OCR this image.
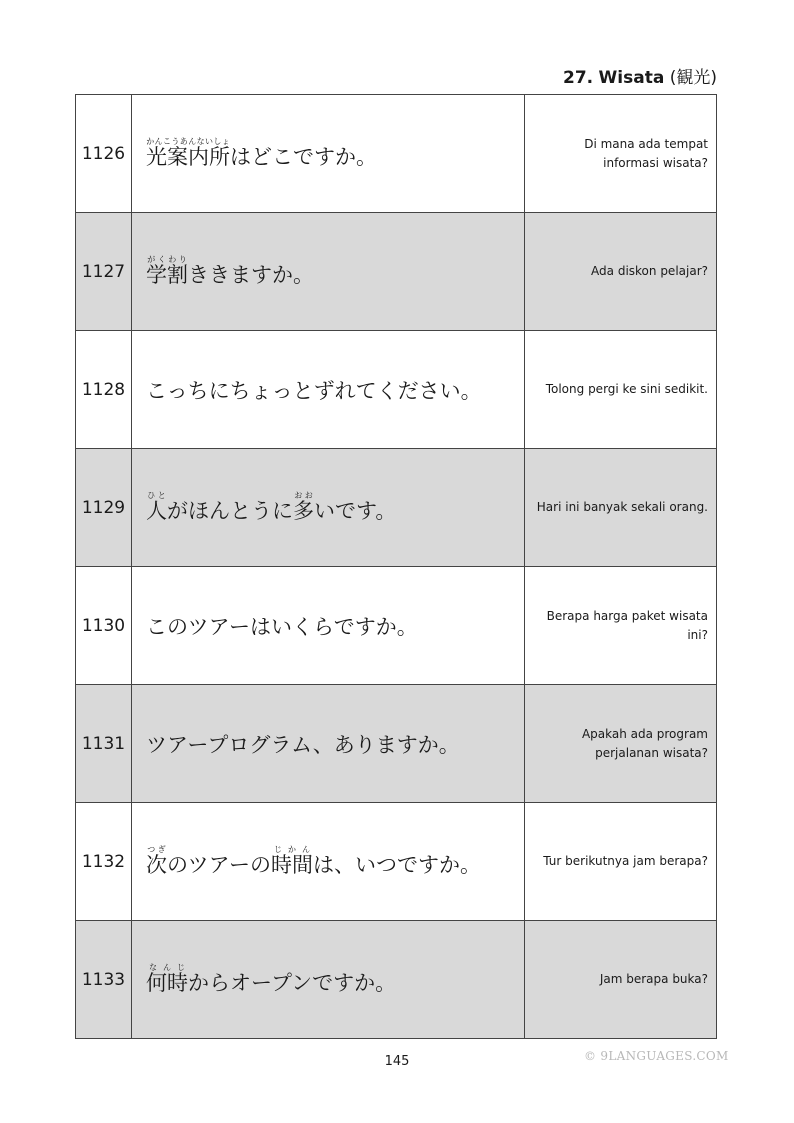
27. Wisata (観光)
1126	光案内所かんこうあんないしょはどこですか。	Di mana ada tempat informasi wisata?
1127	学割がくわりききますか。	Ada diskon pelajar?
1128	こっちにちょっとずれてください。	Tolong pergi ke sini sedikit.
1129	人ひとがほんとうに多おおいです。	Hari ini banyak sekali orang.
1130	このツアーはいくらですか。	Berapa harga paket wisata ini?
1131	ツアープログラム、ありますか。	Apakah ada program perjalanan wisata?
1132	次つぎのツアーの時間じかんは、いつですか。	Tur berikutnya jam berapa?
1133	何時なんじからオープンですか。	Jam berapa buka?
145	© 9LANGUAGES.COM
